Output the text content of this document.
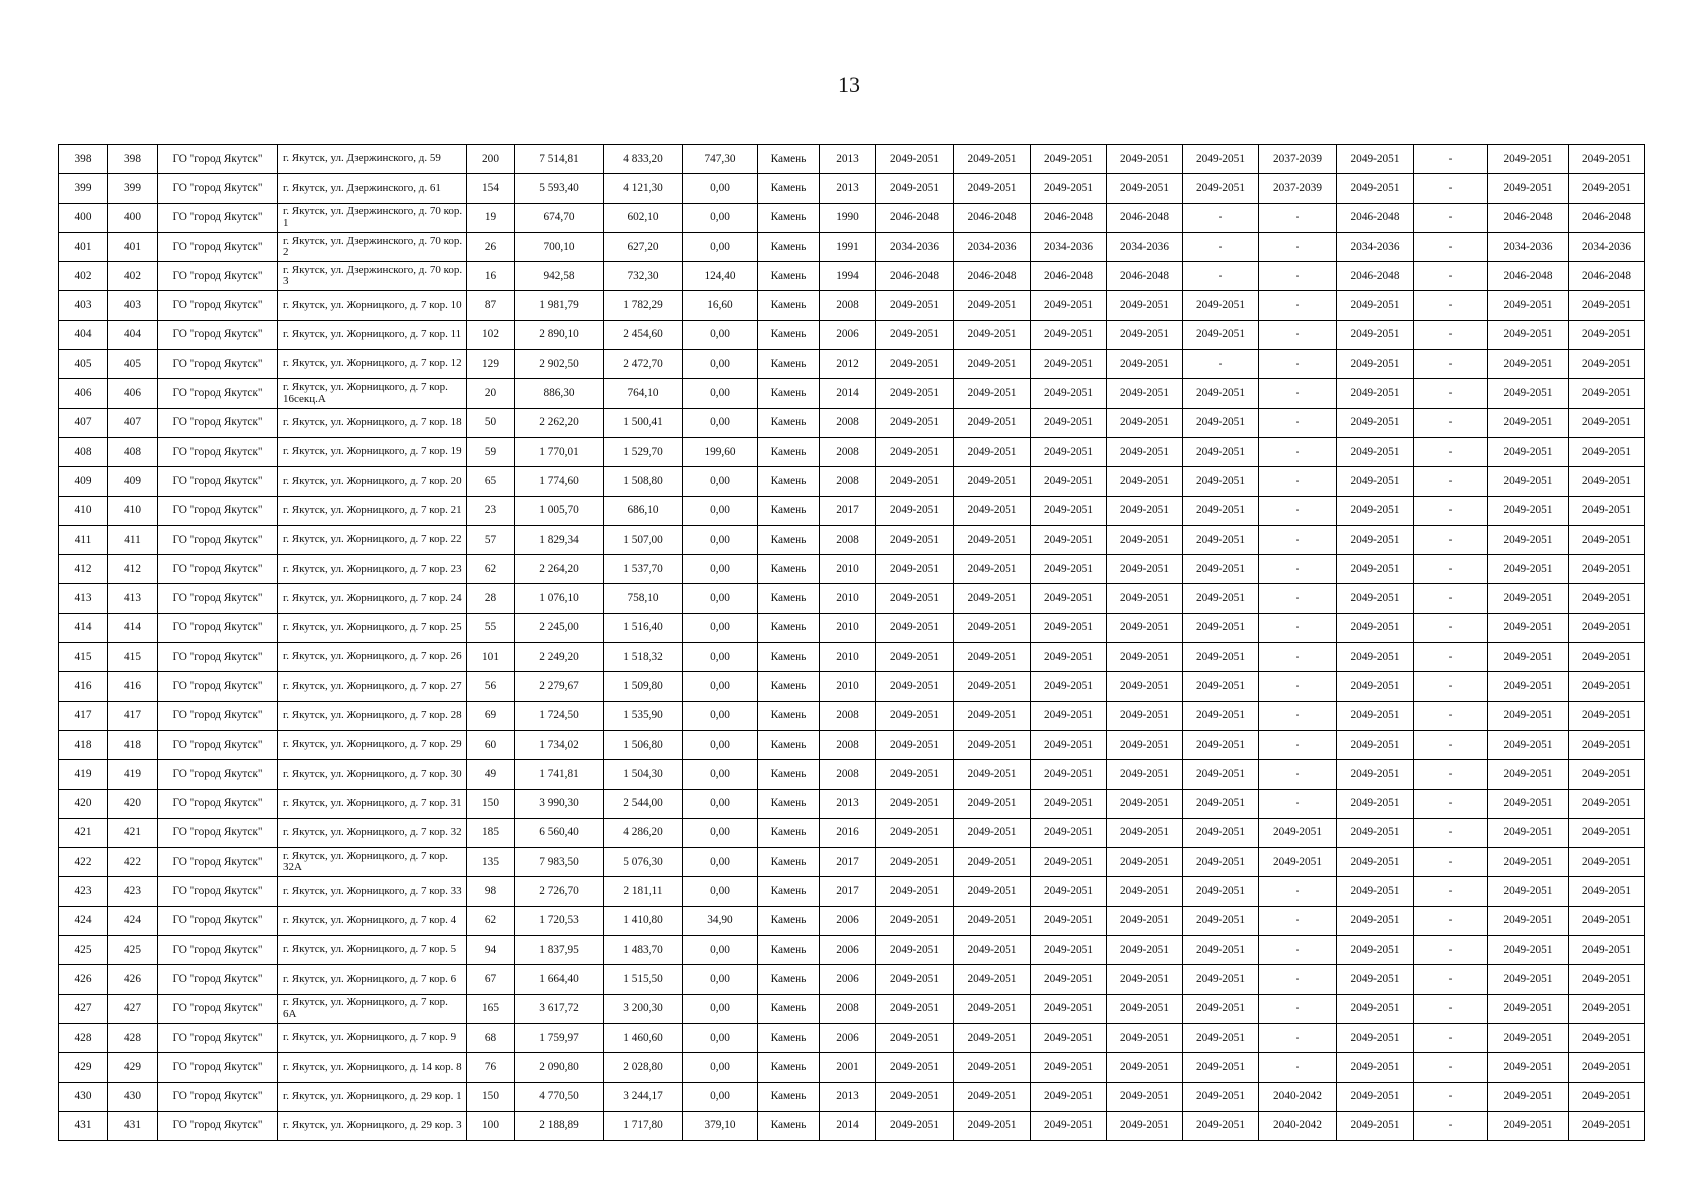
13
398	398	ГО "город Якутск"	г. Якутск, ул. Дзержинского, д. 59	200	7 514,81	4 833,20	747,30	Камень	2013	2049-2051	2049-2051	2049-2051	2049-2051	2049-2051	2037-2039	2049-2051	-	2049-2051	2049-2051
399	399	ГО "город Якутск"	г. Якутск, ул. Дзержинского, д. 61	154	5 593,40	4 121,30	0,00	Камень	2013	2049-2051	2049-2051	2049-2051	2049-2051	2049-2051	2037-2039	2049-2051	-	2049-2051	2049-2051
400	400	ГО "город Якутск"	г. Якутск, ул. Дзержинского, д. 70 кор. 1	19	674,70	602,10	0,00	Камень	1990	2046-2048	2046-2048	2046-2048	2046-2048	-	-	2046-2048	-	2046-2048	2046-2048
401	401	ГО "город Якутск"	г. Якутск, ул. Дзержинского, д. 70 кор. 2	26	700,10	627,20	0,00	Камень	1991	2034-2036	2034-2036	2034-2036	2034-2036	-	-	2034-2036	-	2034-2036	2034-2036
402	402	ГО "город Якутск"	г. Якутск, ул. Дзержинского, д. 70 кор. 3	16	942,58	732,30	124,40	Камень	1994	2046-2048	2046-2048	2046-2048	2046-2048	-	-	2046-2048	-	2046-2048	2046-2048
403	403	ГО "город Якутск"	г. Якутск, ул. Жорницкого, д. 7 кор. 10	87	1 981,79	1 782,29	16,60	Камень	2008	2049-2051	2049-2051	2049-2051	2049-2051	2049-2051	-	2049-2051	-	2049-2051	2049-2051
404	404	ГО "город Якутск"	г. Якутск, ул. Жорницкого, д. 7 кор. 11	102	2 890,10	2 454,60	0,00	Камень	2006	2049-2051	2049-2051	2049-2051	2049-2051	2049-2051	-	2049-2051	-	2049-2051	2049-2051
405	405	ГО "город Якутск"	г. Якутск, ул. Жорницкого, д. 7 кор. 12	129	2 902,50	2 472,70	0,00	Камень	2012	2049-2051	2049-2051	2049-2051	2049-2051	-	-	2049-2051	-	2049-2051	2049-2051
406	406	ГО "город Якутск"	г. Якутск, ул. Жорницкого, д. 7 кор. 16секц.А	20	886,30	764,10	0,00	Камень	2014	2049-2051	2049-2051	2049-2051	2049-2051	2049-2051	-	2049-2051	-	2049-2051	2049-2051
407	407	ГО "город Якутск"	г. Якутск, ул. Жорницкого, д. 7 кор. 18	50	2 262,20	1 500,41	0,00	Камень	2008	2049-2051	2049-2051	2049-2051	2049-2051	2049-2051	-	2049-2051	-	2049-2051	2049-2051
408	408	ГО "город Якутск"	г. Якутск, ул. Жорницкого, д. 7 кор. 19	59	1 770,01	1 529,70	199,60	Камень	2008	2049-2051	2049-2051	2049-2051	2049-2051	2049-2051	-	2049-2051	-	2049-2051	2049-2051
409	409	ГО "город Якутск"	г. Якутск, ул. Жорницкого, д. 7 кор. 20	65	1 774,60	1 508,80	0,00	Камень	2008	2049-2051	2049-2051	2049-2051	2049-2051	2049-2051	-	2049-2051	-	2049-2051	2049-2051
410	410	ГО "город Якутск"	г. Якутск, ул. Жорницкого, д. 7 кор. 21	23	1 005,70	686,10	0,00	Камень	2017	2049-2051	2049-2051	2049-2051	2049-2051	2049-2051	-	2049-2051	-	2049-2051	2049-2051
411	411	ГО "город Якутск"	г. Якутск, ул. Жорницкого, д. 7 кор. 22	57	1 829,34	1 507,00	0,00	Камень	2008	2049-2051	2049-2051	2049-2051	2049-2051	2049-2051	-	2049-2051	-	2049-2051	2049-2051
412	412	ГО "город Якутск"	г. Якутск, ул. Жорницкого, д. 7 кор. 23	62	2 264,20	1 537,70	0,00	Камень	2010	2049-2051	2049-2051	2049-2051	2049-2051	2049-2051	-	2049-2051	-	2049-2051	2049-2051
413	413	ГО "город Якутск"	г. Якутск, ул. Жорницкого, д. 7 кор. 24	28	1 076,10	758,10	0,00	Камень	2010	2049-2051	2049-2051	2049-2051	2049-2051	2049-2051	-	2049-2051	-	2049-2051	2049-2051
414	414	ГО "город Якутск"	г. Якутск, ул. Жорницкого, д. 7 кор. 25	55	2 245,00	1 516,40	0,00	Камень	2010	2049-2051	2049-2051	2049-2051	2049-2051	2049-2051	-	2049-2051	-	2049-2051	2049-2051
415	415	ГО "город Якутск"	г. Якутск, ул. Жорницкого, д. 7 кор. 26	101	2 249,20	1 518,32	0,00	Камень	2010	2049-2051	2049-2051	2049-2051	2049-2051	2049-2051	-	2049-2051	-	2049-2051	2049-2051
416	416	ГО "город Якутск"	г. Якутск, ул. Жорницкого, д. 7 кор. 27	56	2 279,67	1 509,80	0,00	Камень	2010	2049-2051	2049-2051	2049-2051	2049-2051	2049-2051	-	2049-2051	-	2049-2051	2049-2051
417	417	ГО "город Якутск"	г. Якутск, ул. Жорницкого, д. 7 кор. 28	69	1 724,50	1 535,90	0,00	Камень	2008	2049-2051	2049-2051	2049-2051	2049-2051	2049-2051	-	2049-2051	-	2049-2051	2049-2051
418	418	ГО "город Якутск"	г. Якутск, ул. Жорницкого, д. 7 кор. 29	60	1 734,02	1 506,80	0,00	Камень	2008	2049-2051	2049-2051	2049-2051	2049-2051	2049-2051	-	2049-2051	-	2049-2051	2049-2051
419	419	ГО "город Якутск"	г. Якутск, ул. Жорницкого, д. 7 кор. 30	49	1 741,81	1 504,30	0,00	Камень	2008	2049-2051	2049-2051	2049-2051	2049-2051	2049-2051	-	2049-2051	-	2049-2051	2049-2051
420	420	ГО "город Якутск"	г. Якутск, ул. Жорницкого, д. 7 кор. 31	150	3 990,30	2 544,00	0,00	Камень	2013	2049-2051	2049-2051	2049-2051	2049-2051	2049-2051	-	2049-2051	-	2049-2051	2049-2051
421	421	ГО "город Якутск"	г. Якутск, ул. Жорницкого, д. 7 кор. 32	185	6 560,40	4 286,20	0,00	Камень	2016	2049-2051	2049-2051	2049-2051	2049-2051	2049-2051	2049-2051	2049-2051	-	2049-2051	2049-2051
422	422	ГО "город Якутск"	г. Якутск, ул. Жорницкого, д. 7 кор. 32А	135	7 983,50	5 076,30	0,00	Камень	2017	2049-2051	2049-2051	2049-2051	2049-2051	2049-2051	2049-2051	2049-2051	-	2049-2051	2049-2051
423	423	ГО "город Якутск"	г. Якутск, ул. Жорницкого, д. 7 кор. 33	98	2 726,70	2 181,11	0,00	Камень	2017	2049-2051	2049-2051	2049-2051	2049-2051	2049-2051	-	2049-2051	-	2049-2051	2049-2051
424	424	ГО "город Якутск"	г. Якутск, ул. Жорницкого, д. 7 кор. 4	62	1 720,53	1 410,80	34,90	Камень	2006	2049-2051	2049-2051	2049-2051	2049-2051	2049-2051	-	2049-2051	-	2049-2051	2049-2051
425	425	ГО "город Якутск"	г. Якутск, ул. Жорницкого, д. 7 кор. 5	94	1 837,95	1 483,70	0,00	Камень	2006	2049-2051	2049-2051	2049-2051	2049-2051	2049-2051	-	2049-2051	-	2049-2051	2049-2051
426	426	ГО "город Якутск"	г. Якутск, ул. Жорницкого, д. 7 кор. 6	67	1 664,40	1 515,50	0,00	Камень	2006	2049-2051	2049-2051	2049-2051	2049-2051	2049-2051	-	2049-2051	-	2049-2051	2049-2051
427	427	ГО "город Якутск"	г. Якутск, ул. Жорницкого, д. 7 кор. 6А	165	3 617,72	3 200,30	0,00	Камень	2008	2049-2051	2049-2051	2049-2051	2049-2051	2049-2051	-	2049-2051	-	2049-2051	2049-2051
428	428	ГО "город Якутск"	г. Якутск, ул. Жорницкого, д. 7 кор. 9	68	1 759,97	1 460,60	0,00	Камень	2006	2049-2051	2049-2051	2049-2051	2049-2051	2049-2051	-	2049-2051	-	2049-2051	2049-2051
429	429	ГО "город Якутск"	г. Якутск, ул. Жорницкого, д. 14 кор. 8	76	2 090,80	2 028,80	0,00	Камень	2001	2049-2051	2049-2051	2049-2051	2049-2051	2049-2051	-	2049-2051	-	2049-2051	2049-2051
430	430	ГО "город Якутск"	г. Якутск, ул. Жорницкого, д. 29 кор. 1	150	4 770,50	3 244,17	0,00	Камень	2013	2049-2051	2049-2051	2049-2051	2049-2051	2049-2051	2040-2042	2049-2051	-	2049-2051	2049-2051
431	431	ГО "город Якутск"	г. Якутск, ул. Жорницкого, д. 29 кор. 3	100	2 188,89	1 717,80	379,10	Камень	2014	2049-2051	2049-2051	2049-2051	2049-2051	2049-2051	2040-2042	2049-2051	-	2049-2051	2049-2051
